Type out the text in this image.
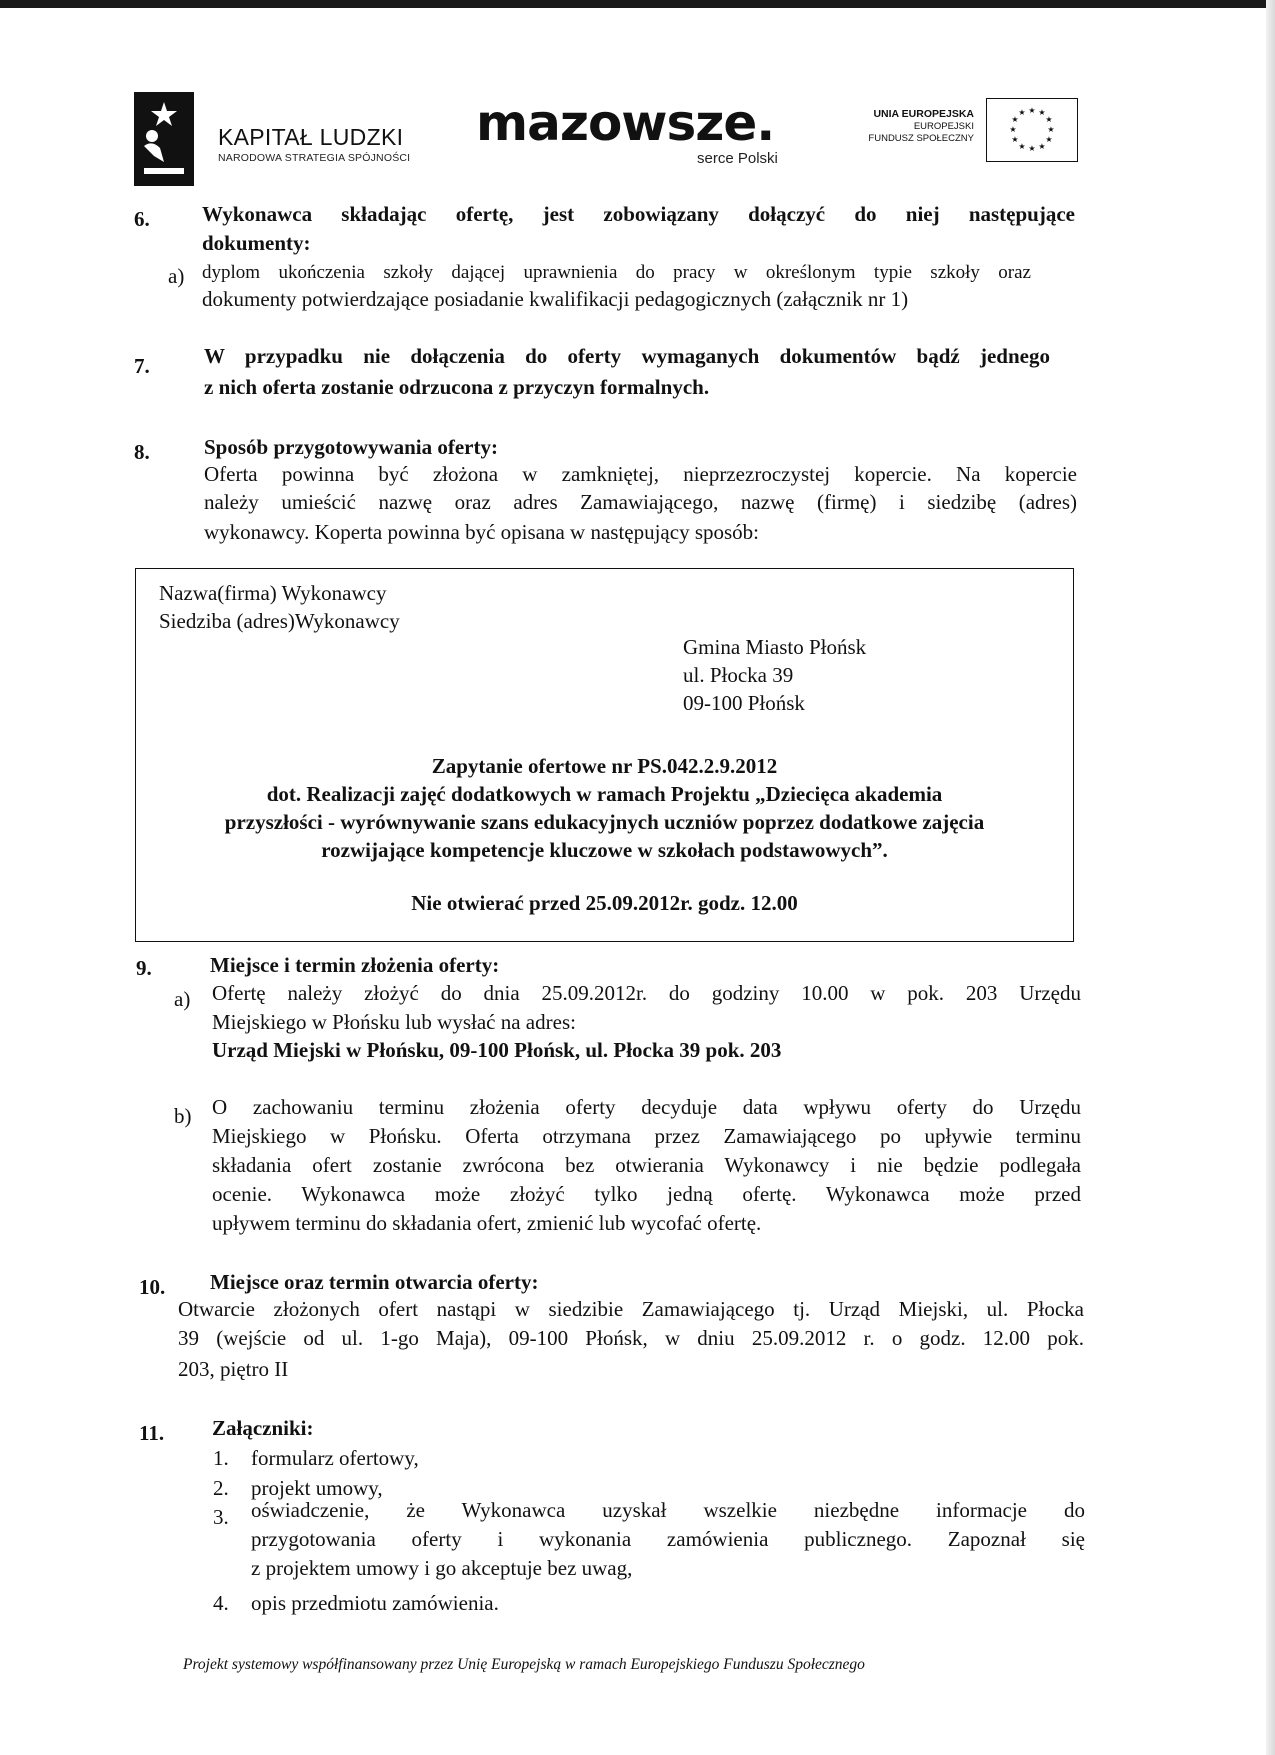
KAPITAŁ LUDZKI
NARODOWA STRATEGIA SPÓJNOŚCI
mazowsze.
serce Polski
UNIA EUROPEJSKA
EUROPEJSKI
FUNDUSZ SPOŁECZNY
★ ★
★
★
★
★
★
★
★
★
★
★
6. Wykonawca składając ofertę, jest zobowiązany dołączyć do niej następujące
dokumenty:
a) dyplom ukończenia szkoły dającej uprawnienia do pracy w określonym typie szkoły oraz
dokumenty potwierdzające posiadanie kwalifikacji pedagogicznych (załącznik nr 1)
7.	W przypadku nie dołączenia do oferty wymaganych dokumentów bądź jednego
z nich oferta zostanie odrzucona z przyczyn formalnych.
8.	Sposób przygotowywania oferty:
Oferta powinna być złożona w zamkniętej, nieprzezroczystej kopercie. Na kopercie
należy umieścić nazwę oraz adres Zamawiającego, nazwę (firmę) i siedzibę (adres)
wykonawcy. Koperta powinna być opisana w następujący sposób:
Nazwa(firma) Wykonawcy
Siedziba (adres)Wykonawcy
Gmina Miasto Płońsk
ul. Płocka 39
09-100 Płońsk
Zapytanie ofertowe nr PS.042.2.9.2012
dot. Realizacji zajęć dodatkowych w ramach Projektu „Dziecięca akademia
przyszłości - wyrównywanie szans edukacyjnych uczniów poprzez dodatkowe zajęcia
rozwijające kompetencje kluczowe w szkołach podstawowych”.
Nie otwierać przed 25.09.2012r. godz. 12.00
9.	Miejsce i termin złożenia oferty:
a) Ofertę należy złożyć do dnia 25.09.2012r. do godziny 10.00 w pok. 203 Urzędu
Miejskiego w Płońsku lub wysłać na adres:
Urząd Miejski w Płońsku, 09-100 Płońsk, ul. Płocka 39 pok. 203
b) O zachowaniu terminu złożenia oferty decyduje data wpływu oferty do Urzędu
Miejskiego w Płońsku. Oferta otrzymana przez Zamawiającego po upływie terminu
składania ofert zostanie zwrócona bez otwierania Wykonawcy i nie będzie podlegała
ocenie. Wykonawca może złożyć tylko jedną ofertę. Wykonawca może przed
upływem terminu do składania ofert, zmienić lub wycofać ofertę.
10. Miejsce oraz termin otwarcia oferty:
Otwarcie złożonych ofert nastąpi w siedzibie Zamawiającego tj. Urząd Miejski, ul. Płocka
39 (wejście od ul. 1-go Maja), 09-100 Płońsk, w dniu 25.09.2012 r. o godz. 12.00 pok.
203, piętro II
11. Załączniki:
1. formularz ofertowy,
2. projekt umowy,
3. oświadczenie, że Wykonawca uzyskał wszelkie niezbędne informacje do
przygotowania oferty i wykonania zamówienia publicznego. Zapoznał się
z projektem umowy i go akceptuje bez uwag,
4. opis przedmiotu zamówienia.
Projekt systemowy współfinansowany przez Unię Europejską w ramach Europejskiego Funduszu Społecznego
